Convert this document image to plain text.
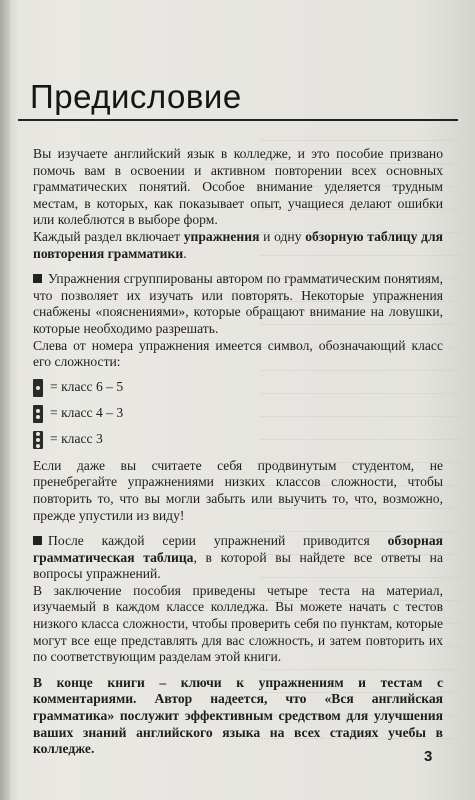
Предисловие

Вы изучаете английский язык в колледже, и это пособие призвано помочь вам в освоении и активном повторении всех основных грамматических понятий. Особое внимание уделяется трудным местам, в которых, как показывает опыт, учащиеся делают ошибки или колеблются в выборе форм.

Каждый раздел включает упражнения и одну обзорную таблицу для повторения грамматики.

Упражнения сгруппированы автором по грамматическим понятиям, что позволяет их изучать или повторять. Некоторые упражнения снабжены «пояснениями», которые обращают внимание на ловушки, которые необходимо разрешать.

Слева от номера упражнения имеется символ, обозначающий класс его сложности:

= класс 6 – 5
= класс 4 – 3
= класс 3

Если даже вы считаете себя продвинутым студентом, не пренебрегайте упражнениями низких классов сложности, чтобы повторить то, что вы могли забыть или выучить то, что, возможно, прежде упустили из виду!

После каждой серии упражнений приводится обзорная грамматическая таблица, в которой вы найдете все ответы на вопросы упражнений.

В заключение пособия приведены четыре теста на материал, изучаемый в каждом классе колледжа. Вы можете начать с тестов низкого класса сложности, чтобы проверить себя по пунктам, которые могут все еще представлять для вас сложность, и затем повторить их по соответствующим разделам этой книги.

В конце книги – ключи к упражнениям и тестам с комментариями. Автор надеется, что «Вся английская грамматика» послужит эффективным средством для улучшения ваших знаний английского языка на всех стадиях учебы в колледже.	3
